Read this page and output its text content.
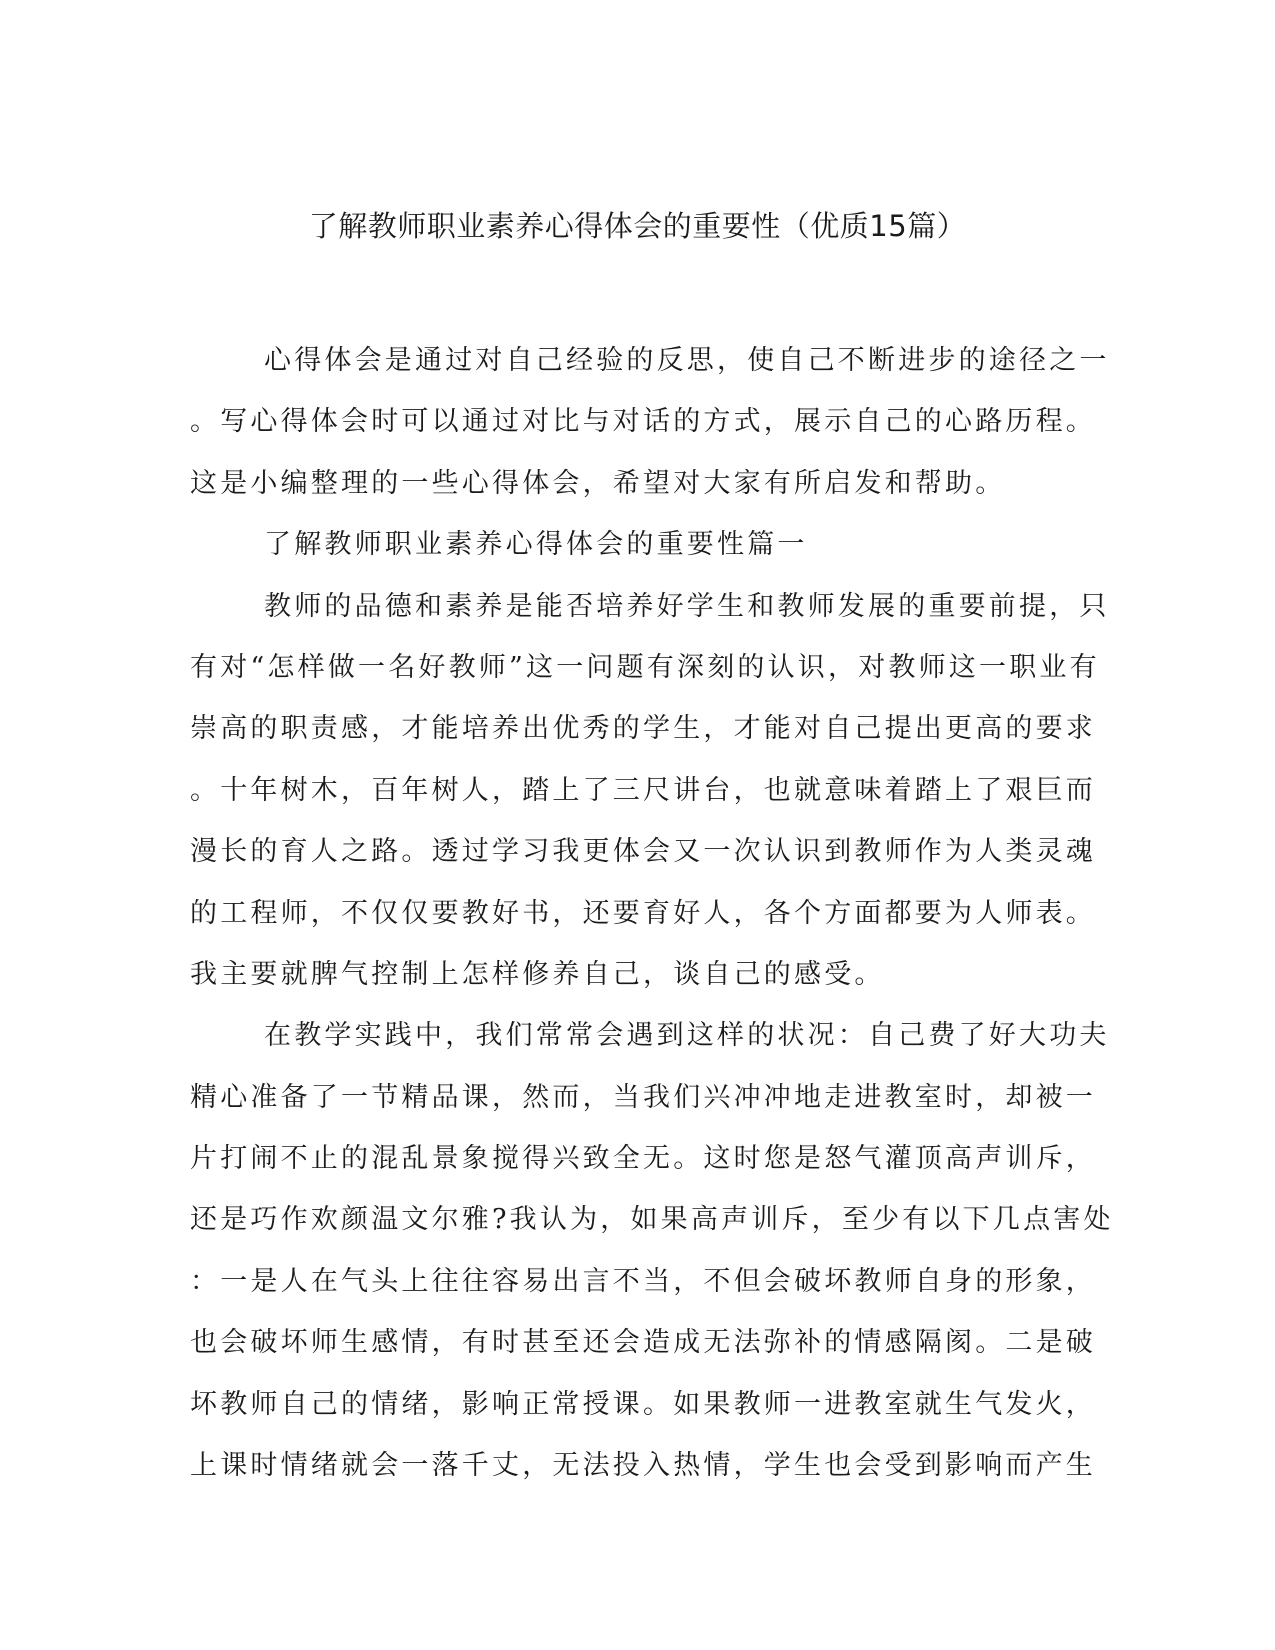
了解教师职业素养心得体会的重要性（优质15篇）
心得体会是通过对自己经验的反思，使自己不断进步的途径之一
。写心得体会时可以通过对比与对话的方式，展示自己的心路历程。
这是小编整理的一些心得体会，希望对大家有所启发和帮助。
了解教师职业素养心得体会的重要性篇一
教师的品德和素养是能否培养好学生和教师发展的重要前提，只
有对“怎样做一名好教师”这一问题有深刻的认识，对教师这一职业有
崇高的职责感，才能培养出优秀的学生，才能对自己提出更高的要求
。十年树木，百年树人，踏上了三尺讲台，也就意味着踏上了艰巨而
漫长的育人之路。透过学习我更体会又一次认识到教师作为人类灵魂
的工程师，不仅仅要教好书，还要育好人，各个方面都要为人师表。
我主要就脾气控制上怎样修养自己，谈自己的感受。
在教学实践中，我们常常会遇到这样的状况：自己费了好大功夫
精心准备了一节精品课，然而，当我们兴冲冲地走进教室时，却被一
片打闹不止的混乱景象搅得兴致全无。这时您是怒气灌顶高声训斥，
还是巧作欢颜温文尔雅?我认为，如果高声训斥，至少有以下几点害处
：一是人在气头上往往容易出言不当，不但会破坏教师自身的形象，
也会破坏师生感情，有时甚至还会造成无法弥补的情感隔阂。二是破
坏教师自己的情绪，影响正常授课。如果教师一进教室就生气发火，
上课时情绪就会一落千丈，无法投入热情，学生也会受到影响而产生
